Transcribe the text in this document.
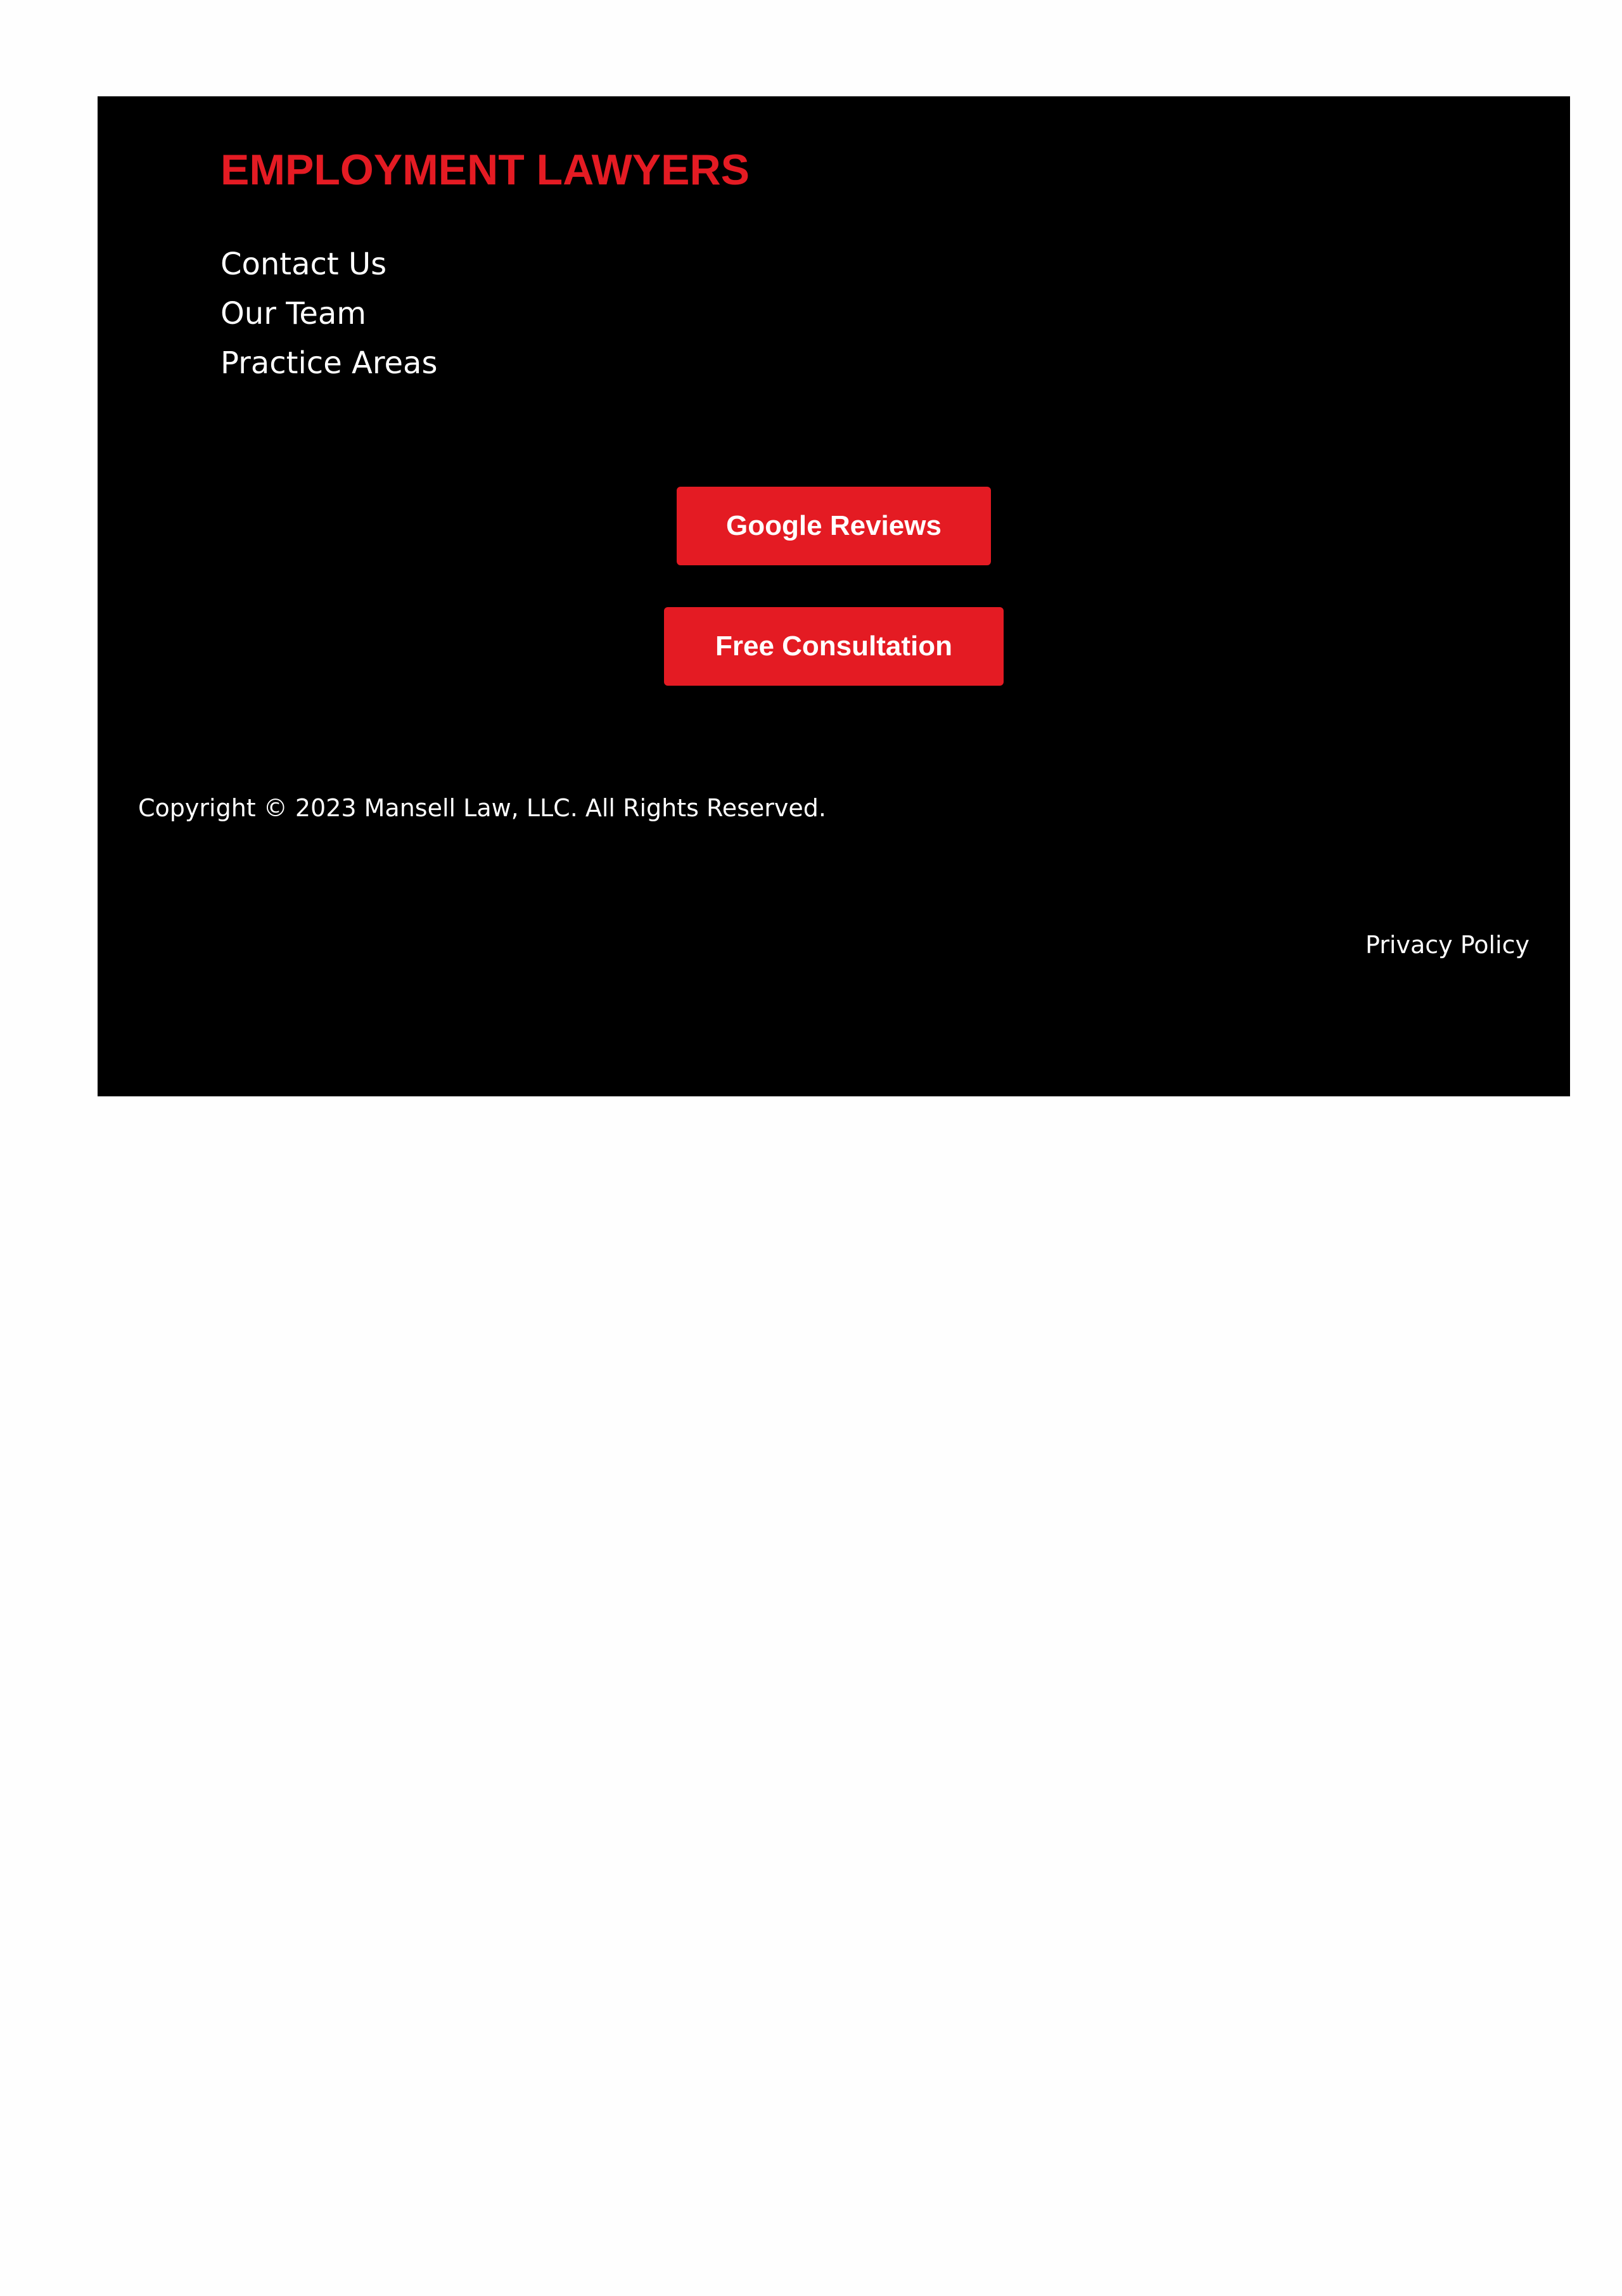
EMPLOYMENT LAWYERS
Contact Us
Our Team
Practice Areas
Google Reviews
Free Consultation

Copyright © 2023 Mansell Law, LLC. All Rights Reserved.

Privacy Policy
